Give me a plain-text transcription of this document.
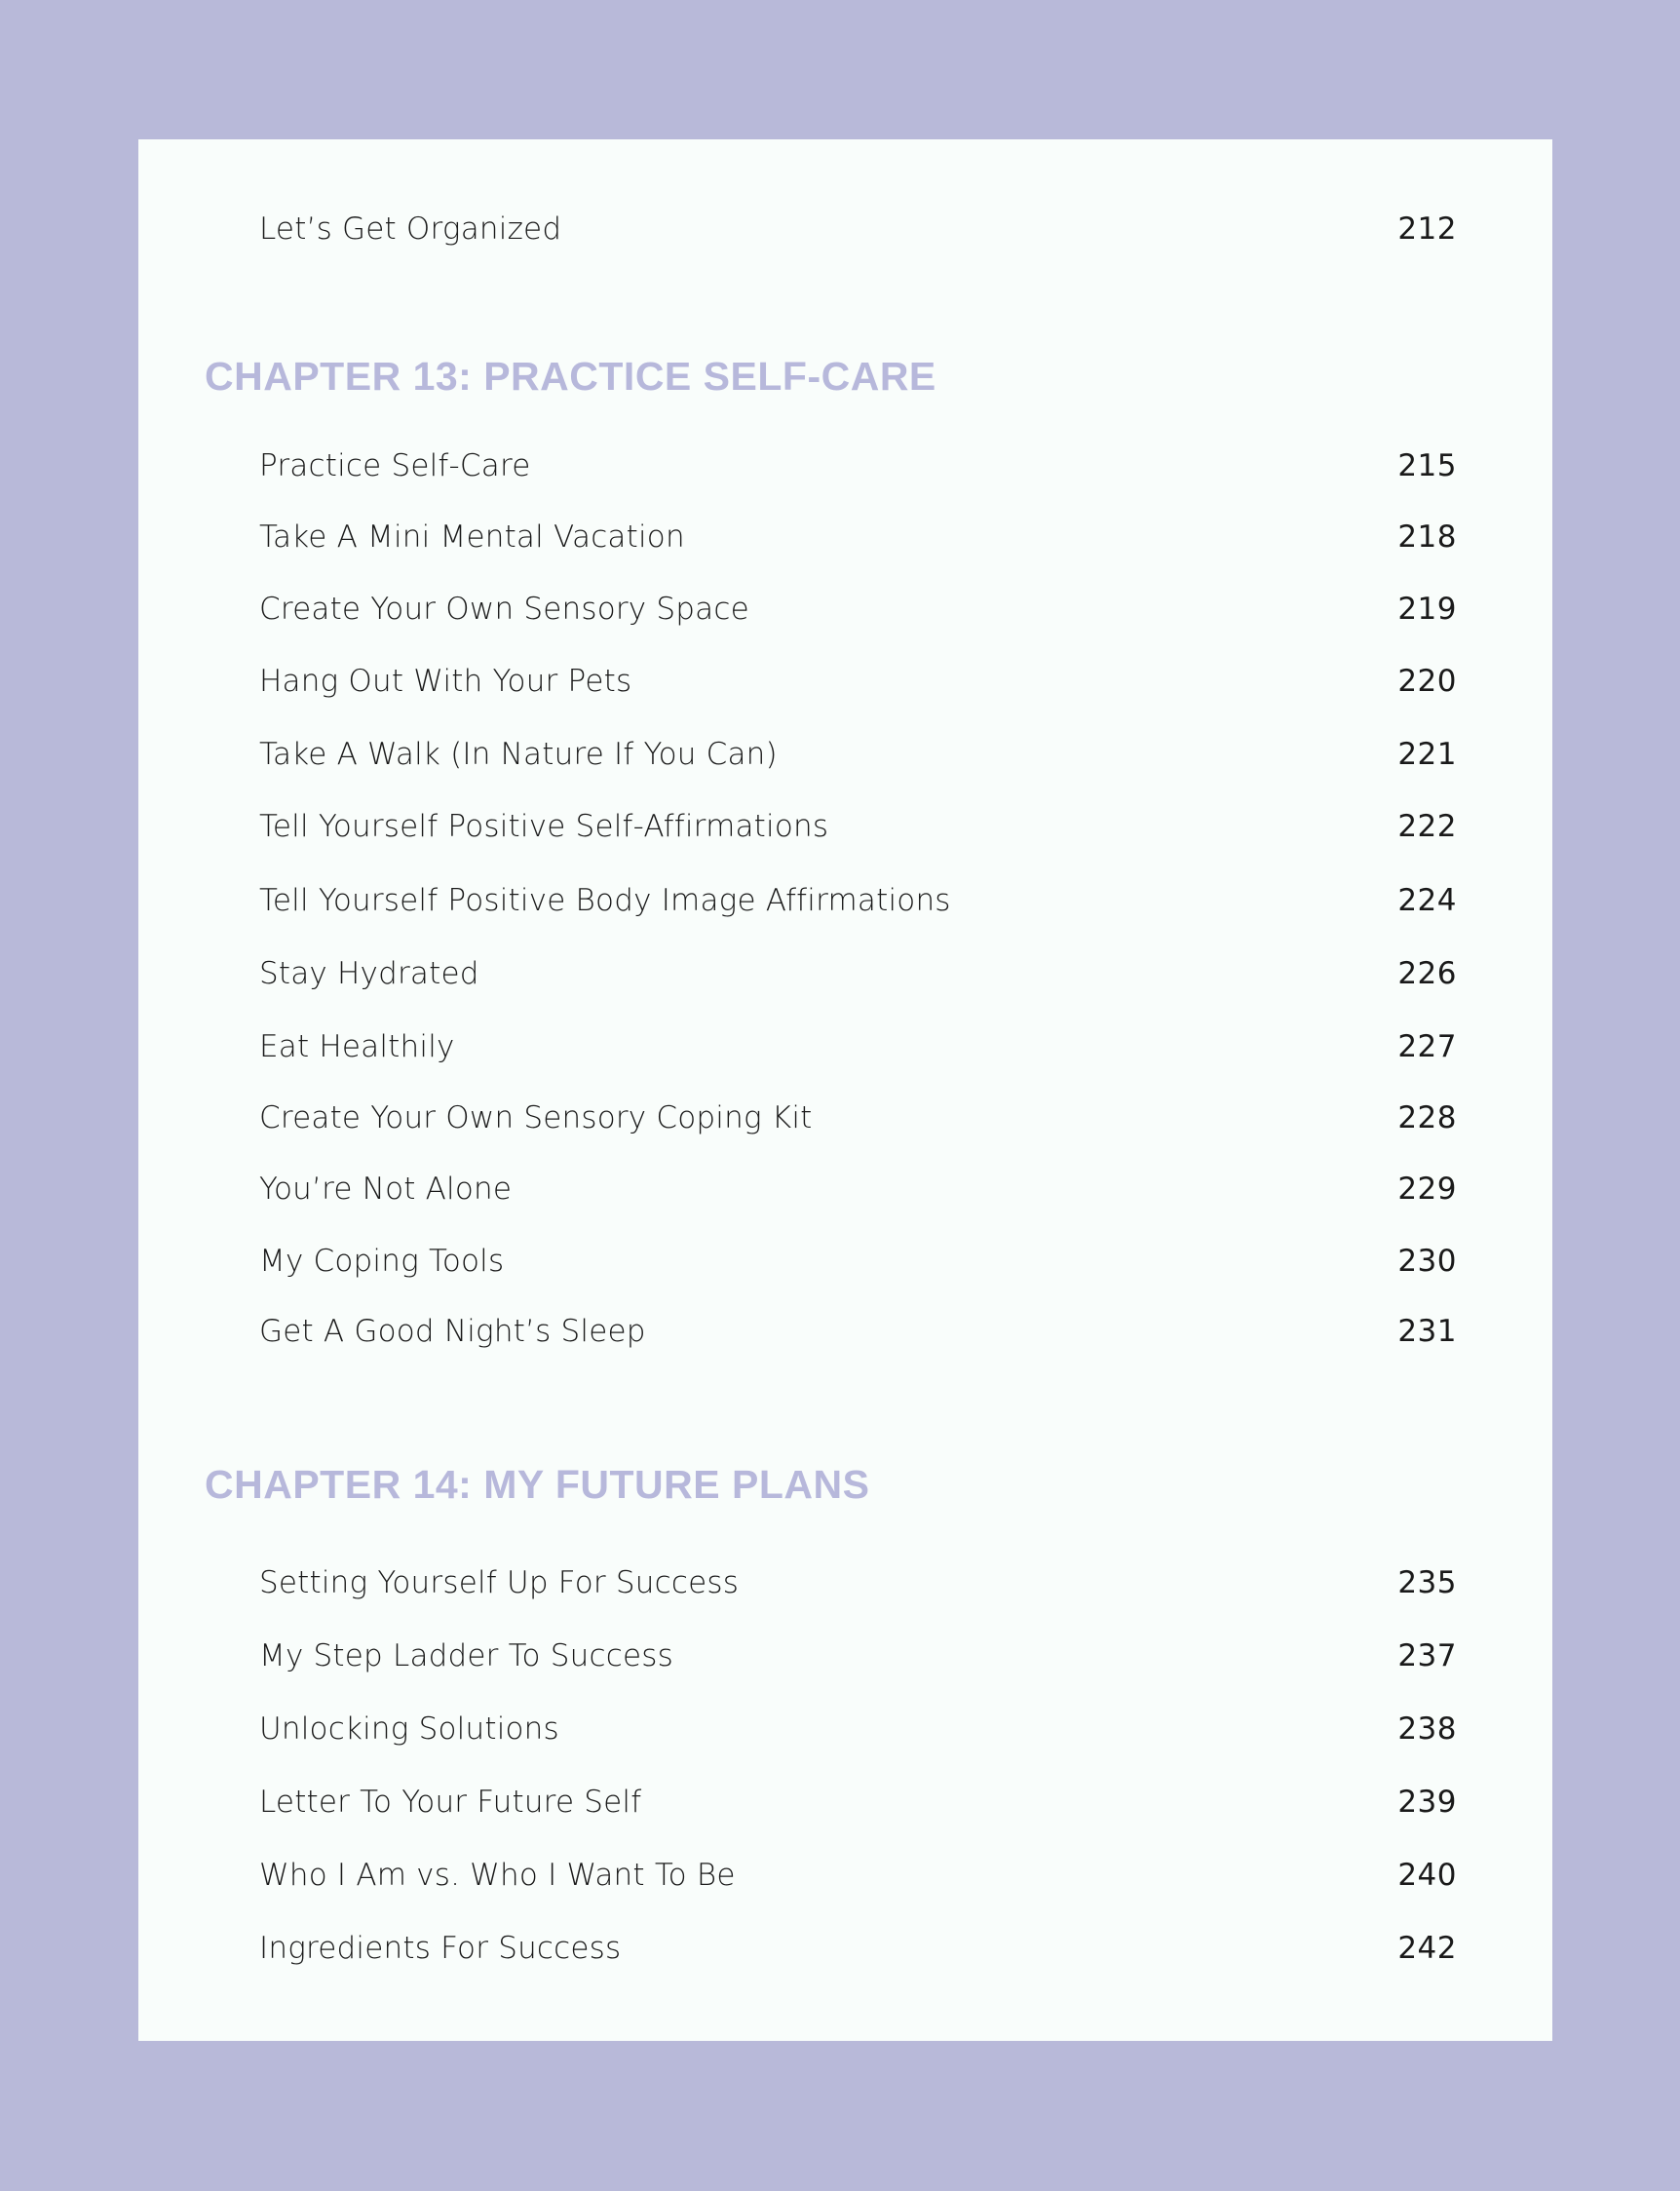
Let’s Get Organized	212
CHAPTER 13: PRACTICE SELF-CARE
Practice Self-Care	215
Take A Mini Mental Vacation	218
Create Your Own Sensory Space	219
Hang Out With Your Pets	220
Take A Walk (In Nature If You Can)	221
Tell Yourself Positive Self-Affirmations	222
Tell Yourself Positive Body Image Affirmations	224
Stay Hydrated	226
Eat Healthily	227
Create Your Own Sensory Coping Kit	228
You’re Not Alone	229
My Coping Tools	230
Get A Good Night’s Sleep	231
CHAPTER 14: MY FUTURE PLANS
Setting Yourself Up For Success	235
My Step Ladder To Success	237
Unlocking Solutions	238
Letter To Your Future Self	239
Who I Am vs. Who I Want To Be	240
Ingredients For Success	242
